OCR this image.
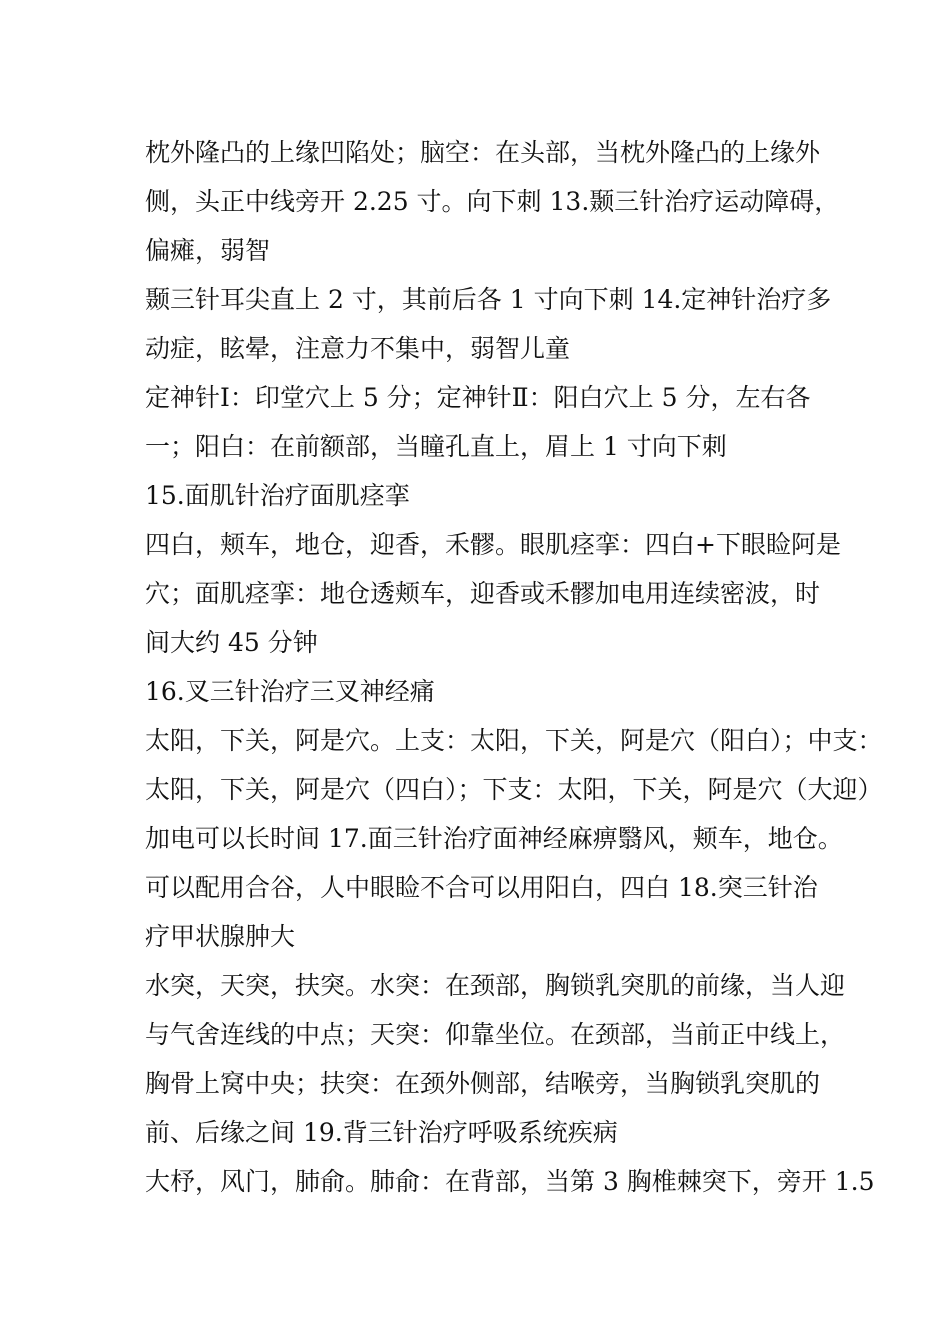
枕外隆凸的上缘凹陷处；脑空：在头部，当枕外隆凸的上缘外
侧，头正中线旁开 2.25 寸。向下刺 13.颞三针治疗运动障碍，
偏瘫，弱智
颞三针耳尖直上 2 寸，其前后各 1 寸向下刺 14.定神针治疗多
动症，眩晕，注意力不集中，弱智儿童
定神针Ⅰ：印堂穴上 5 分；定神针Ⅱ：阳白穴上 5 分，左右各
一；阳白：在前额部，当瞳孔直上，眉上 1 寸向下刺
15.面肌针治疗面肌痉挛
四白，颊车，地仓，迎香，禾髎。眼肌痉挛：四白+下眼睑阿是
穴；面肌痉挛：地仓透颊车，迎香或禾髎加电用连续密波，时
间大约 45 分钟
16.叉三针治疗三叉神经痛
太阳，下关，阿是穴。上支：太阳，下关，阿是穴（阳白）；中支：
太阳，下关，阿是穴（四白）；下支：太阳，下关，阿是穴（大迎）
加电可以长时间 17.面三针治疗面神经麻痹翳风，颊车，地仓。
可以配用合谷，人中眼睑不合可以用阳白，四白 18.突三针治
疗甲状腺肿大
水突，天突，扶突。水突：在颈部，胸锁乳突肌的前缘，当人迎
与气舍连线的中点；天突：仰靠坐位。在颈部，当前正中线上，
胸骨上窝中央；扶突：在颈外侧部，结喉旁，当胸锁乳突肌的
前、后缘之间 19.背三针治疗呼吸系统疾病
大杼，风门，肺俞。肺俞：在背部，当第 3 胸椎棘突下，旁开 1.5
